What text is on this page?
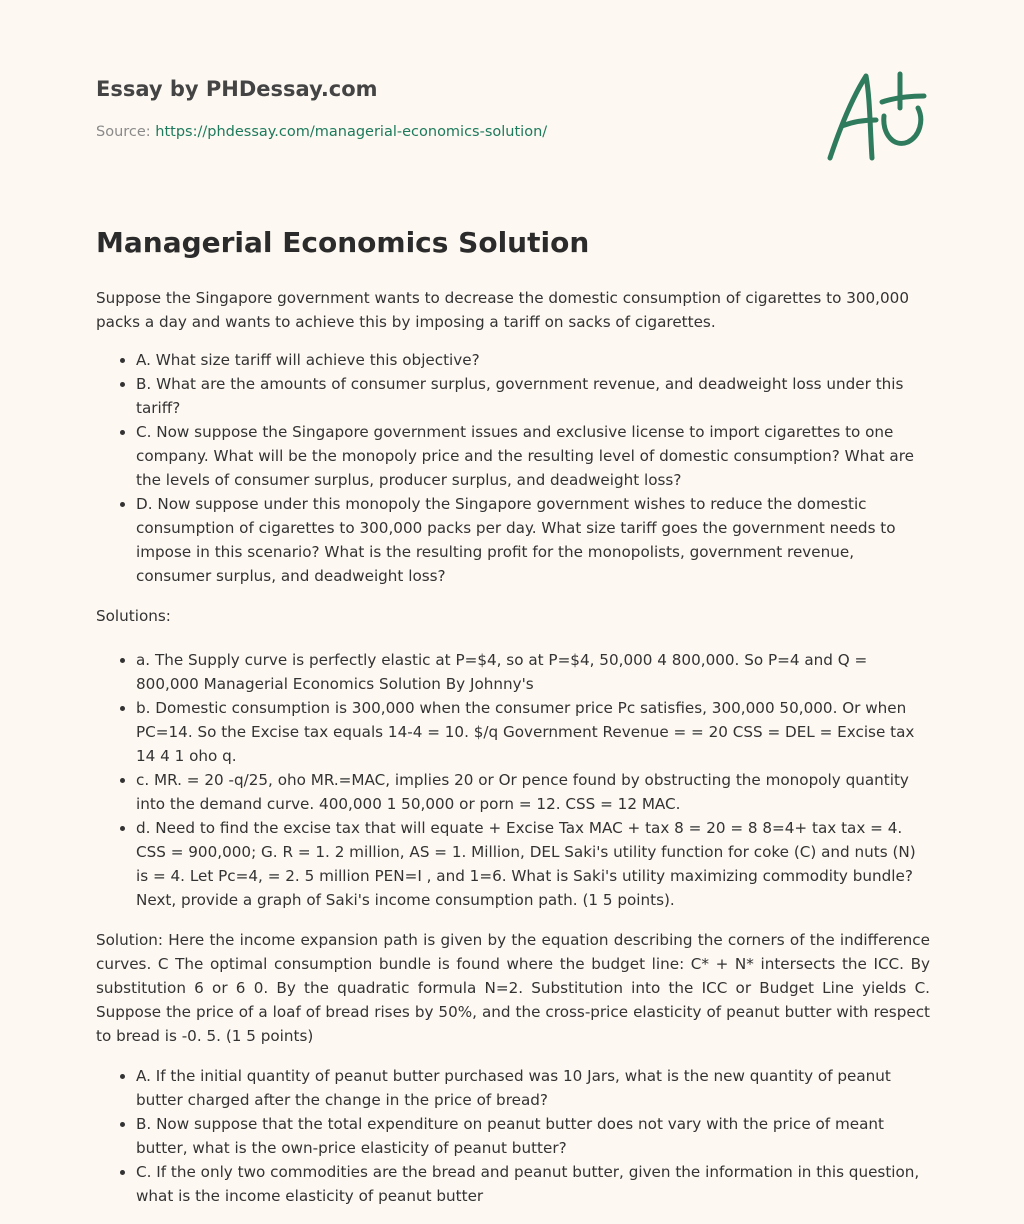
Essay by PHDessay.com
Source: https://phdessay.com/managerial-economics-solution/
Managerial Economics Solution

Suppose the Singapore government wants to decrease the domestic consumption of cigarettes to 300,000 packs a day and wants to achieve this by imposing a tariff on sacks of cigarettes.

• A. What size tariff will achieve this objective?
• B. What are the amounts of consumer surplus, government revenue, and deadweight loss under this tariff?
• C. Now suppose the Singapore government issues and exclusive license to import cigarettes to one company. What will be the monopoly price and the resulting level of domestic consumption? What are the levels of consumer surplus, producer surplus, and deadweight loss?
• D. Now suppose under this monopoly the Singapore government wishes to reduce the domestic consumption of cigarettes to 300,000 packs per day. What size tariff goes the government needs to impose in this scenario? What is the resulting profit for the monopolists, government revenue, consumer surplus, and deadweight loss?

Solutions:

• a. The Supply curve is perfectly elastic at P=$4, so at P=$4, 50,000 4 800,000. So P=4 and Q = 800,000 Managerial Economics Solution By Johnny's
• b. Domestic consumption is 300,000 when the consumer price Pc satisfies, 300,000 50,000. Or when PC=14. So the Excise tax equals 14-4 = 10. $/q Government Revenue = = 20 CSS = DEL = Excise tax 14 4 1 oho q.
• c. MR. = 20 -q/25, oho MR.=MAC, implies 20 or Or pence found by obstructing the monopoly quantity into the demand curve. 400,000 1 50,000 or porn = 12. CSS = 12 MAC.
• d. Need to find the excise tax that will equate + Excise Tax MAC + tax 8 = 20 = 8 8=4+ tax tax = 4. CSS = 900,000; G. R = 1. 2 million, AS = 1. Million, DEL Saki's utility function for coke (C) and nuts (N) is = 4. Let Pc=4, = 2. 5 million PEN=I , and 1=6. What is Saki's utility maximizing commodity bundle? Next, provide a graph of Saki's income consumption path. (1 5 points).

Solution: Here the income expansion path is given by the equation describing the corners of the indifference curves. C The optimal consumption bundle is found where the budget line: C* + N* intersects the ICC. By substitution 6 or 6 0. By the quadratic formula N=2. Substitution into the ICC or Budget Line yields C. Suppose the price of a loaf of bread rises by 50%, and the cross-price elasticity of peanut butter with respect to bread is -0. 5. (1 5 points)

• A. If the initial quantity of peanut butter purchased was 10 Jars, what is the new quantity of peanut butter charged after the change in the price of bread?
• B. Now suppose that the total expenditure on peanut butter does not vary with the price of meant butter, what is the own-price elasticity of peanut butter?
• C. If the only two commodities are the bread and peanut butter, given the information in this question, what is the income elasticity of peanut butter
